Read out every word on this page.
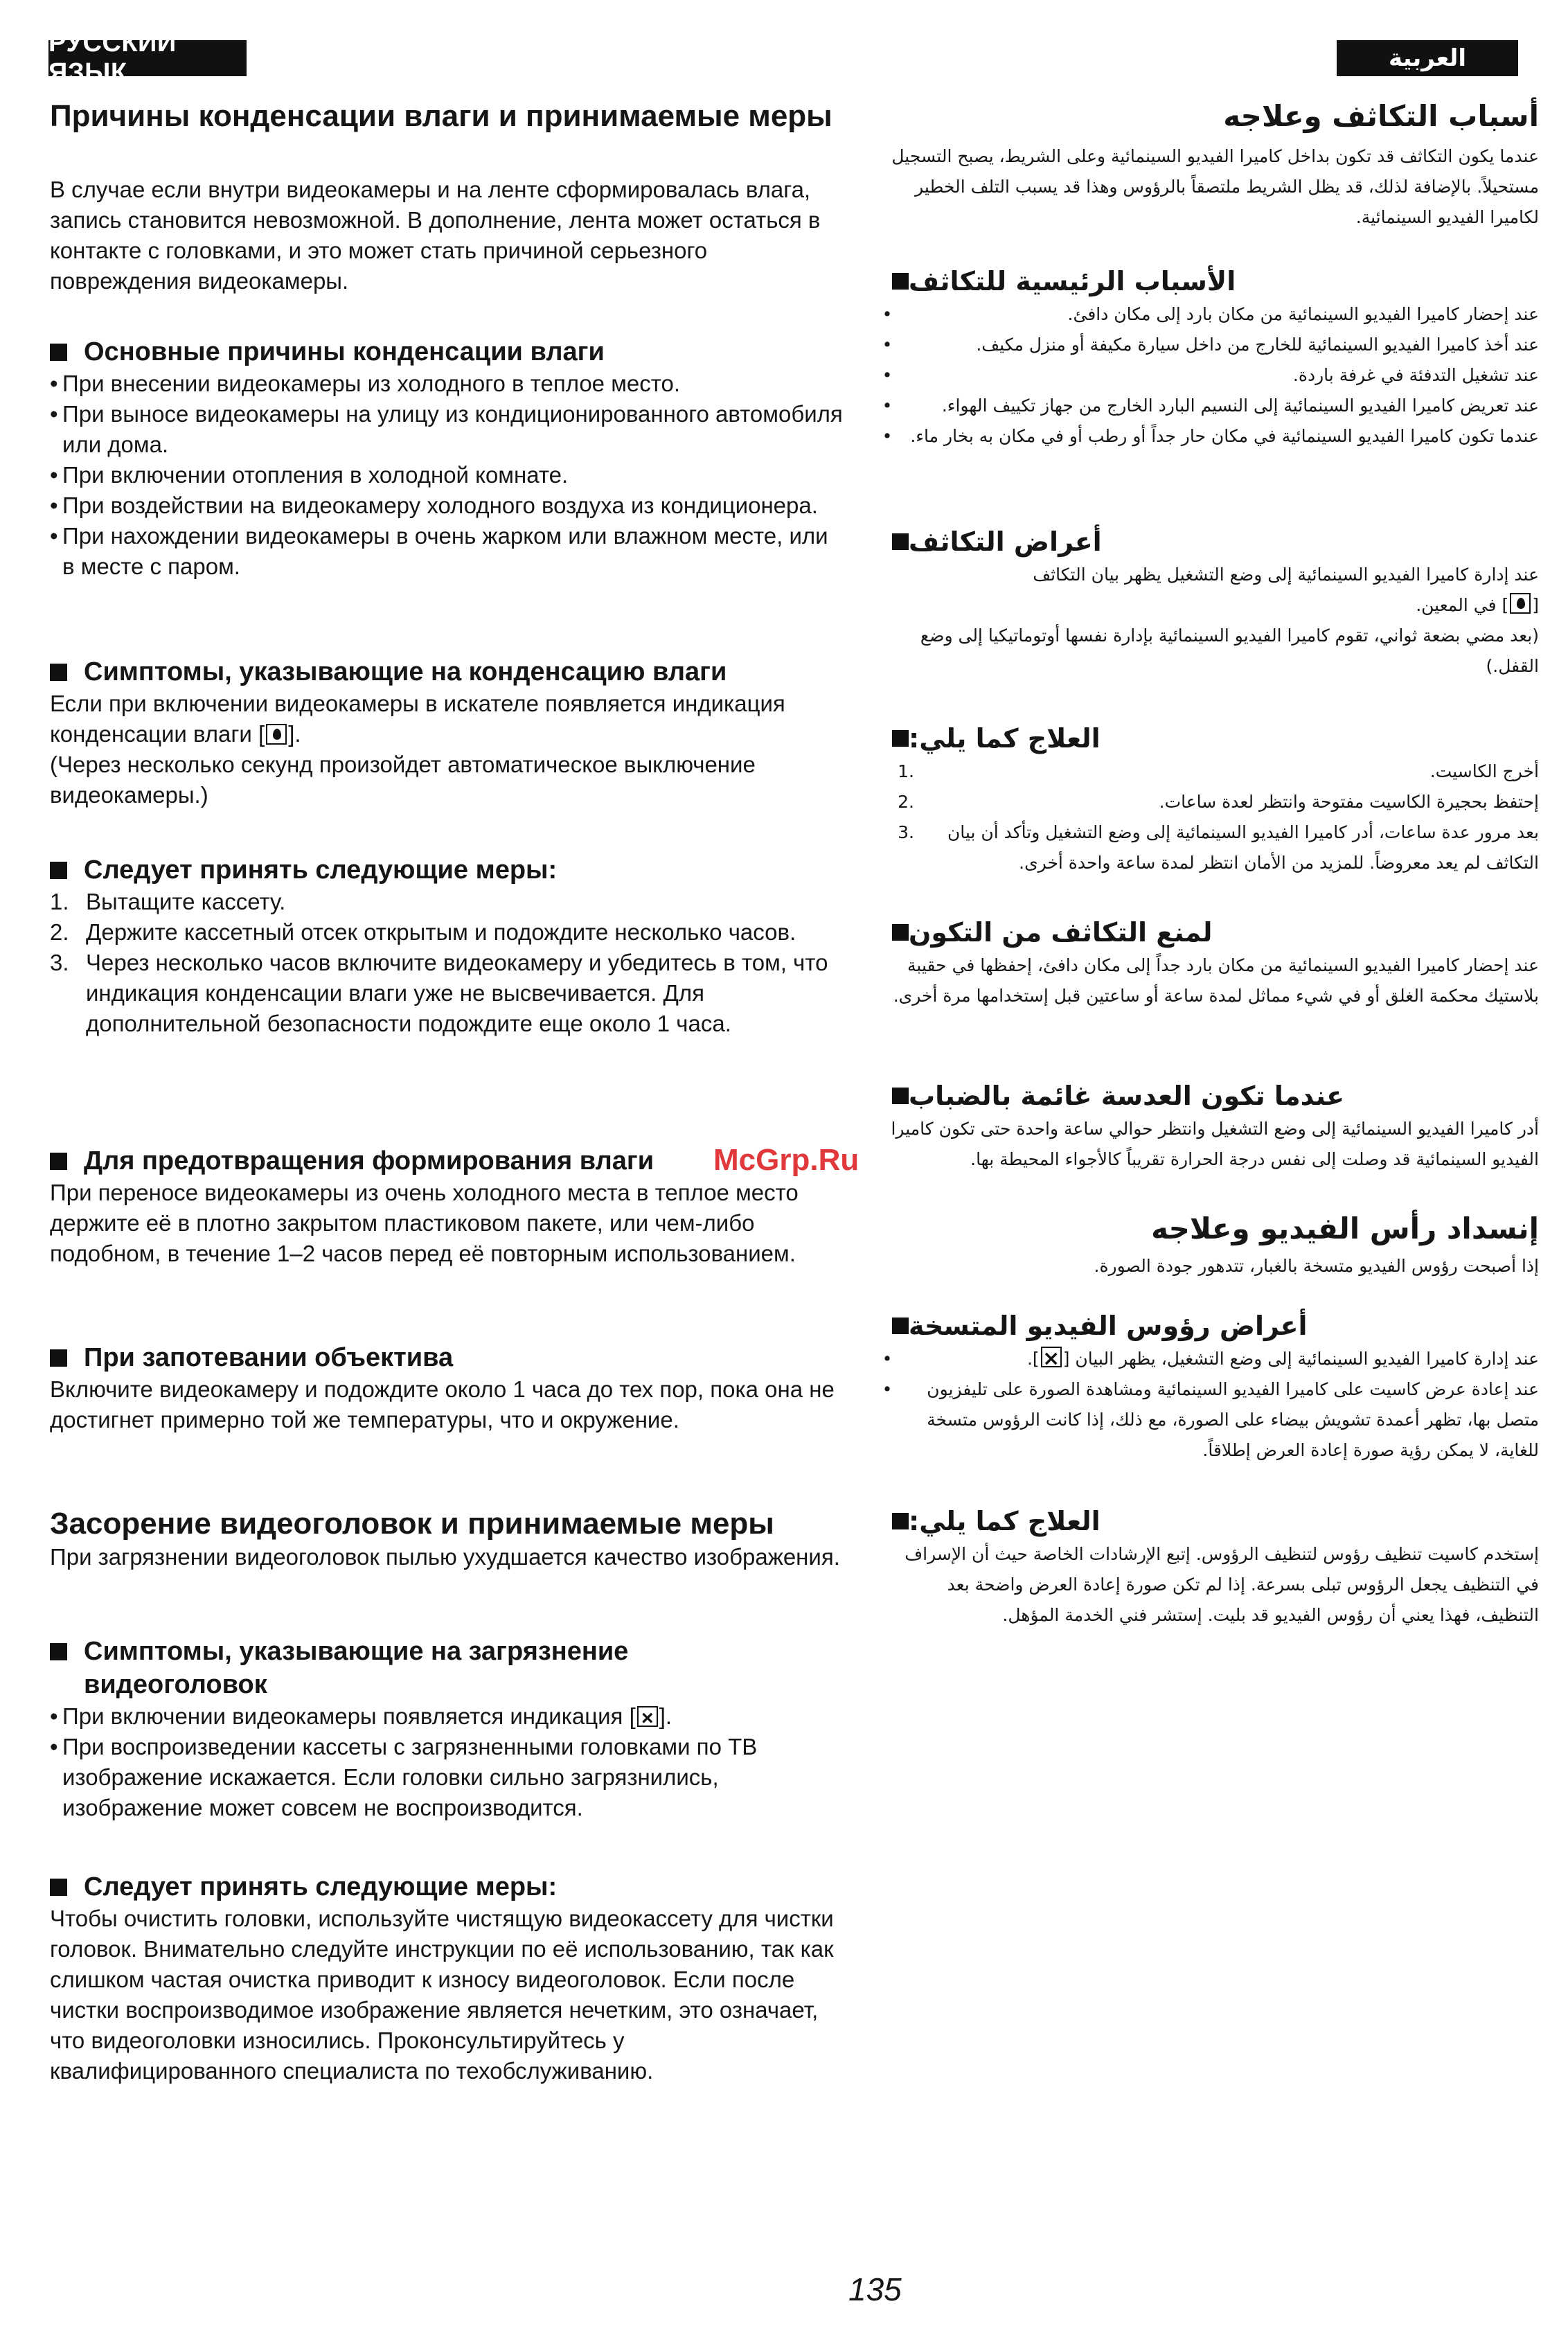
РУССКИЙ ЯЗЫК	العربية
Причины конденсации влаги и принимаемые меры
В случае если внутри видеокамеры и на ленте сформировалась влага, запись становится невозможной. В дополнение, лента может остаться в контакте с головками, и это может стать причиной серьезного повреждения видеокамеры.
Основные причины конденсации влаги
• При внесении видеокамеры из холодного в теплое место.
• При выносе видеокамеры на улицу из кондиционированного автомобиля или дома.
• При включении отопления в холодной комнате.
• При воздействии на видеокамеру холодного воздуха из кондиционера.
• При нахождении видеокамеры в очень жарком или влажном месте, или в месте с паром.
Симптомы, указывающие на конденсацию влаги
Если при включении видеокамеры в искателе появляется индикация конденсации влаги [ ].
(Через несколько секунд произойдет автоматическое выключение видеокамеры.)
Следует принять следующие меры:
1. Вытащите кассету.
2. Держите кассетный отсек открытым и подождите несколько часов.
3. Через несколько часов включите видеокамеру и убедитесь в том, что индикация конденсации влаги уже не высвечивается. Для дополнительной безопасности подождите еще около 1 часа.
Для предотвращения формирования влаги
При переносе видеокамеры из очень холодного места в теплое место держите её в плотно закрытом пластиковом пакете, или чем-либо подобном, в течение 1–2 часов перед её повторным использованием.
При запотевании объектива
Включите видеокамеру и подождите около 1 часа до тех пор, пока она не достигнет примерно той же температуры, что и окружение.
Засорение видеоголовок и принимаемые меры
При загрязнении видеоголовок пылью ухудшается качество изображения.
Симптомы, указывающие на загрязнение видеоголовок
• При включении видеокамеры появляется индикация [× ].
• При воспроизведении кассеты с загрязненными головками по ТВ изображение искажается. Если головки сильно загрязнились, изображение может совсем не воспроизводится.
Следует принять следующие меры:
Чтобы очистить головки, используйте чистящую видеокассету для чистки головок. Внимательно следуйте инструкции по её использованию, так как слишком частая очистка приводит к износу видеоголовок. Если после чистки воспроизводимое изображение является нечетким, это означает, что видеоголовки износились. Проконсультируйтесь у квалифицированного специалиста по техобслуживанию.
أسباب التكاثف وعلاجه
عندما يكون التكاثف قد تكون بداخل كاميرا الفيديو السينمائية وعلى الشريط، يصبح التسجيل مستحيلاً. بالإضافة لذلك، قد يظل الشريط ملتصقاً بالرؤوس وهذا قد يسبب التلف الخطير لكاميرا الفيديو السينمائية.
الأسباب الرئيسية للتكاثف
•	عند إحضار كاميرا الفيديو السينمائية من مكان بارد إلى مكان دافئ.
•	عند أخذ كاميرا الفيديو السينمائية للخارج من داخل سيارة مكيفة أو منزل مكيف.
•	عند تشغيل التدفئة في غرفة باردة.
•	عند تعريض كاميرا الفيديو السينمائية إلى النسيم البارد الخارج من جهاز تكييف الهواء.
•	عندما تكون كاميرا الفيديو السينمائية في مكان حار جداً أو رطب أو في مكان به بخار ماء.
أعراض التكاثف
عند إدارة كاميرا الفيديو السينمائية إلى وضع التشغيل يظهر بيان التكاثف
[] في المعين.
(بعد مضي بضعة ثواني، تقوم كاميرا الفيديو السينمائية بإدارة نفسها أوتوماتيكيا إلى وضع القفل.)
العلاج كما يلي:
1.	أخرج الكاسيت.
2.	إحتفظ بحجيرة الكاسيت مفتوحة وانتظر لعدة ساعات.
3.	بعد مرور عدة ساعات، أدر كاميرا الفيديو السينمائية إلى وضع التشغيل وتأكد أن بيان التكاثف لم يعد معروضاً. للمزيد من الأمان انتظر لمدة ساعة واحدة أخرى.
لمنع التكاثف من التكون
عند إحضار كاميرا الفيديو السينمائية من مكان بارد جداً إلى مكان دافئ، إحفظها في حقيبة بلاستيك محكمة الغلق أو في شيء مماثل لمدة ساعة أو ساعتين قبل إستخدامها مرة أخرى.
عندما تكون العدسة غائمة بالضباب
أدر كاميرا الفيديو السينمائية إلى وضع التشغيل وانتظر حوالي ساعة واحدة حتى تكون كاميرا الفيديو السينمائية قد وصلت إلى نفس درجة الحرارة تقريباً كالأجواء المحيطة بها.
إنسداد رأس الفيديو وعلاجه
إذا أصبحت رؤوس الفيديو متسخة بالغبار، تتدهور جودة الصورة.
أعراض رؤوس الفيديو المتسخة
•	عند إدارة كاميرا الفيديو السينمائية إلى وضع التشغيل، يظهر البيان [×].
•	عند إعادة عرض كاسيت على كاميرا الفيديو السينمائية ومشاهدة الصورة على تليفزيون متصل بها، تظهر أعمدة تشويش بيضاء على الصورة، مع ذلك، إذا كانت الرؤوس متسخة للغاية، لا يمكن رؤية صورة إعادة العرض إطلاقاً.
العلاج كما يلي:
إستخدم كاسيت تنظيف رؤوس لتنظيف الرؤوس. إتبع الإرشادات الخاصة حيث أن الإسراف في التنظيف يجعل الرؤوس تبلى بسرعة. إذا لم تكن صورة إعادة العرض واضحة بعد التنظيف، فهذا يعني أن رؤوس الفيديو قد بليت. إستشر فني الخدمة المؤهل.
McGrp.Ru
135
